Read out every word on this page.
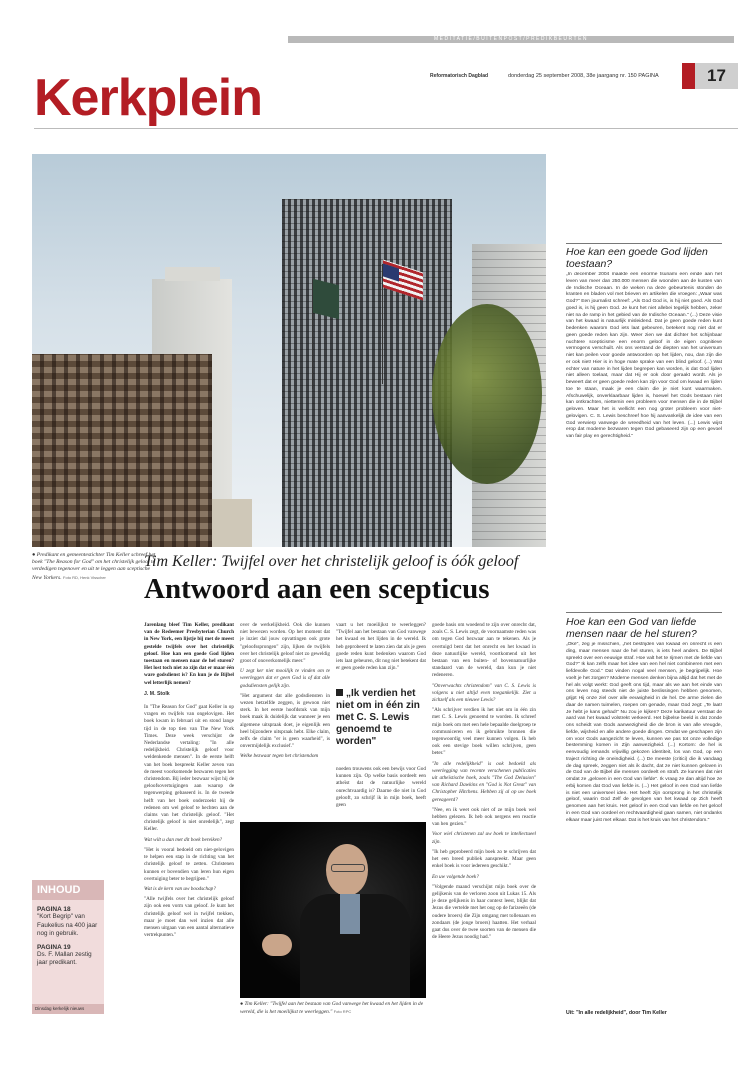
MEDITATIE/BUITENPOST/PREDIKBEURTEN
Reformatorisch Dagblad	donderdag 25 september 2008, 38e jaargang nr. 150 PAGINA	17
Kerkplein
● Predikant en gemeentestichter Tim Keller schreef het boek "The Reason for God" om het christelijk geloof te verdedigen tegenover en uit te leggen aan sceptische New Yorkers. Foto RD, Henk Visscher
Tim Keller: Twijfel over het christelijk geloof is óók geloof
Antwoord aan een scepticus
INHOUD
PAGINA 18
"Kort Begrip" van Faukelius na 400 jaar nog in gebruik.
PAGINA 19
Ds. F. Mallan zestig jaar predikant.
Dinsdag kerkelijk nieuws

Jarenlang bleef Tim Keller, predikant van de Redeemer Presbyterian Church in New York, een lijstje bij met de meest gestelde twijfels over het christelijk geloof. Hoe kan een goede God lijden toestaan en mensen naar de hel sturen? Het lost toch niet zo zijn dat er maar één ware godsdienst is? En kun je de Bijbel wel letterlijk nemen?

J. M. Stolk

In "The Reason for God" gaat Keller in op vragen en twijfels van ongelovigen. Het boek kwam in februari uit en stond lange tijd in de top tien van The New York Times. Deze week verschijnt de Nederlandse vertaling: "In alle redelijkheid. Christelijk geloof voor weldenkende mensen". In de eerste helft van het boek bespreekt Keller zeven van de meest voorkomende bezwaren tegen het christendom. Bij ieder bezwaar wijst hij de geloofsovertuigingen aan waarop de tegenwerping gebaseerd is. In de tweede helft van het boek onderzoekt hij de redenen om wel geloof te hechten aan de claims van het christelijk geloof. "Het christelijk geloof is niet onredelijk", zegt Keller.

Wat wilt u dan met dit boek bereiken?

"Het is vooral bedoeld om niet-gelovigen te helpen een stap in de richting van het christelijk geloof te zetten. Christenen kunnen er bovendien van leren hun eigen overtuiging beter te begrijpen."

Wat is de kern van uw boodschap?

"Alle twijfels over het christelijk geloof zijn ook een vorm van geloof. Je kunt het christelijk geloof wel in twijfel trekken, maar je moet dan wel inzien dat alle mensen uitgaan van een aantal alternatieve vertrekpunten."

over de werkelijkheid. Ook die kunnen niet bewezen worden. Op het moment dat je inziet dal jouw opvattingen ook grote "geloofssprongen" zijn, lijken de twijfels over het christelijk geloof niet zo geweldig groot of onoverkomelijk meer."

U zegt ker niet mooilijk te vinden om te weerleggen dat er geen God is of dat alle godsdiensten gelijk zijn.

"Het argument dat alle godsdiensten in wezen hetzelfde zeggen, is gewoon niet sterk. In het eerste hoofdstuk van mijn boek maak ik duidelijk dat wanneer je een algemene uitspraak doet, je eigenlijk een heel bijzondere uitspraak hebt. Elke claim, zelfs de claim "er is geen waarheid", is onvermijdelijk exclusief."

Welke bezwaar tegen het christendom

vaart u het moeilijkst te weerleggen? "Twijfel aan het bestaan van God vanwege het kwaad en het lijden in de wereld. Ik heb geprobeerd te laten zien dat als je geen goede reden kunt bedenken waarom God iets laat gebeuren, dit nog niet betekent dat er geen goede reden kan zijn."

„Ik verdien het niet om in één zin met C. S. Lewis genoemd te worden"

noeden trouwens ook een bewijs voor God kunnen zijn. Op welke basis oordeelt een atheïst dat de natuurlijke wereld onrechtvaardig is? Daarne die niet in God gelooft, zo schrijf ik in mijn boek, heeft geen

● Tim Keller: "Twijfel aan het bestaan van God vanwege het kwaad en het lijden in de wereld, die is het moeilijkst te weerleggen." Foto RPC

goede basis om woedend te zijn over onrecht dat, zoals C. S. Lewis zegt, de voornaamste reden was om tegen God bezwaar aan te tekenen. Als je overtuigd bent dat het onrecht en het kwaad in deze natuurlijke wereld, voortkomend uit het bestaan van een buiten- of bovennatuurlijke standaard van de wereld, dan kun je niet redeneren.

"Onverwachts christendom" van C. S. Lewis is volgens u niet altijd even toegankelijk. Ziet u zichzelf als een nieuwe Lewis?

"Als schrijver verdien ik het niet om in één zin met C. S. Lewis genoemd te worden. Ik schreef mijn boek om met een hele bepaalde doelgroep te communiceren en ik gebruikte bronnen die tegenwoordig veel meer kunnen volgen. Ik heb ook een stevige boek willen schrijven, geen beter."

"In alle redelijkheid" is ook bedoeld als weerlegging van recente verschenen publicaties uit atheïstische hoek, zoals "The God Delusion" van Richard Dawkins en "God is Not Great" van Christopher Hitchens. Hebben zij al op uw boek gereageerd?

"Nee, en ik weet ook niet of ze mijn boek wel hebben gelezen. Ik heb ook nergens een reactie van hen gezien."

Voor wiel christenen zal uw boek te intellectueel zijn.

"Ik heb geprobeerd mijn boek zo te schrijven dat het een breed publiek aanspreekt. Maar geen enkel boek is voor iedereen geschikt."

En uw volgende boek?

"Volgende maand verschijnt mijn boek over de gelijkenis van de verloren zoon uit Lukas 15. Als je deze gelijkenis in haar context leest, blijkt dat Jezus die vertelde met het oog op de farizeeën (de oudere broers) die Zijn omgang met tollenaars en zondaars (de jonge broers) haatten. Het verhaal gaat dus over de twee soorten van de mensen die de Heere Jezus noodig had."

Hoe kan een goede God lijden toestaan?
„In december 2004 maakte een enorme tsunami een einde aan het leven van meer dan 250.000 mensen die woonden aan de kusten van de Indische Oceaan. In de weken na deze gebeurtenis stonden de kranten en bladen vol met brieven en artikelen die vroegen: „Waar was God?" Een journalist schreef: „Als God God is, is hij niet goed. Als God goed is, is hij geen God. Je kunt het niet allebei tegelijk hebben, zeker niet na de ramp in het gebied van de Indische Oceaan." (...) Deze visie van het kwaad is natuurlijk misleidend. Dat je geen goede reden kunt bedenken waarom God iets laat gebeuren, betekent nog niet dat er geen goede reden kan zijn. Weer zien we dat dichter het schijnbaar nuchtere scepticisme een enorm geloof in de eigen cognitieve vermogens verschuilt. Als ons verstand de diepten van het universum niet kan peilen voor goede antwoorden op het lijden, nou, dan zijn die er ook niet! Hier is in hoge mate sprake van een blind geloof. (...) Wat echter van nature in het lijden begrepen kan worden, is dat God lijden niet alleen toelaat, maar dat Hij er ook door geraakt wordt. Als je beweert dat er geen goede reden kan zijn voor God om kwaad en lijden toe te staan, maak je een claim die je niet kunt waarmaken. Afschuwelijk, onverklaarbaar lijden is, hoewel het Gods bestaan niet kan ontkrachten, niettemin een probleem voor mensen die in de Bijbel geloven. Maar het is wellicht een nog groter probleem voor niet-gelovigen. C. S. Lewis beschreef hoe hij aanvankelijk de idee van een God verwierp vanwege de wreedheid van het leven. (...) Lewis wijst erop dat moderne bezwaren tegen God gebaseerd zijn op een gevoel van fair play en gerechtigheid."
Hoe kan een God van liefde mensen naar de hel sturen?
„Oké", zeg je misschien, „het bestrijden van kwaad en onrecht is een ding, maar mensen naar de hel sturen, is iets heel anders. De Bijbel spreekt over een eeuwige straf. Hoe valt het te rijmen met de liefde van God?" Ik kan zelfs maar het idee van een hel niet combineren met een liefdevolle God." Dat vinden nogal veel mensen, je begrijpelijk. Hoe voelt je het zorgen? Moderne mensen denken bijna altijd dat het met de hel als volgt werkt: God geeft ons tijd, maar als we aan het einde van ons leven nog steeds niet de juiste beslissingen hebben genomen, grijpt Hij onze ziel over alle eeuwigheid in de hel. De arme zielen die daar de namen tuimelen, roepen om genade, maar God zegt: „Te laat! Je hebt je kans gehad!" Nu zou je kijken? Deze karikatuur verstaat de aard van het kwaad volstrekt verkeerd. Het bijbelse beeld is dat zonde ons scheidt van Gods aanwezigheid die de bron is van alle vreugde, liefde, wijsheid en alle andere goede dingen. Omdat we geschapen zijn om voor Gods aangezicht te leven, kunnen we pas tot onze volledige bestemming komen in Zijn aanwezigheid. (...) Kortom: de hel is eenvoudig iemands vrijwillig gekozen identiteit, los van God, op een traject richting de oneindigheid. (...) De meeste (critici) die ik vandaag de dag spreek, zeggen niet als ik dacht, dat ze niet kunnen geloven in de God van de Bijbel die mensen oordeelt en straft. Ze kunnen dat niet omdat ze „geloven in een God van liefde". Ik vraag ze dan altijd hoe ze erbij komen dat God van liefde is. (...) Het geloof in een God van liefde is niet een universeel idee. Het heeft zijn oorsprong in het christelijk geloof, waarin God Zelf de gevolgen van het kwaad op Zich heeft genomen aan het kruis. Het geloof in een God van liefde en het geloof in een God van oordeel en rechtvaardigheid gaan samen, niet ondanks elkaar maar juist met elkaar. Dat is het kruis van het christendom."
Uit: "In alle redelijkheid", door Tim Keller
